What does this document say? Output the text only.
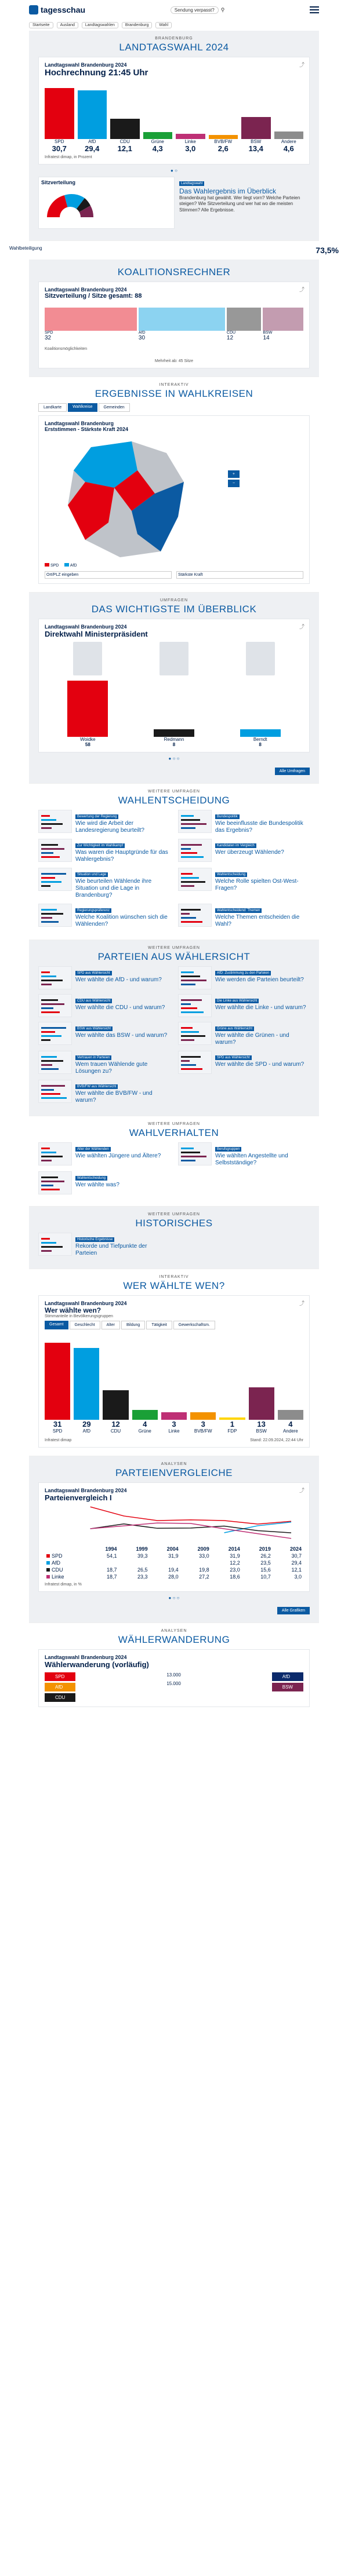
tagesschau	Sendung verpasst?	⚲
Startseite	Ausland	Landtagswahlen	Brandenburg	Wahl
BRANDENBURG
LANDTAGSWAHL 2024
⤴
Landtagswahl Brandenburg 2024
Hochrechnung 21:45 Uhr
SPD	AfD	CDU	Grüne	Linke	BVB/FW	BSW	Andere
30,7	29,4	12,1	4,3	3,0	2,6	13,4	4,6
Infratest dimap, in Prozent
● ○
Sitzverteilung	Landtagswahl
Das Wahlergebnis im Überblick
Brandenburg hat gewählt. Wer liegt vorn? Welche Parteien steigen? Wie Sitzverteilung und wer hat wo die meisten Stimmen? Alle Ergebnisse.
Wahlbeteiligung	73,5%
KOALITIONSRECHNER
⤴
Landtagswahl Brandenburg 2024
Sitzverteilung / Sitze gesamt: 88
SPD
32
AfD
30
CDU
12
BSW
14
Koalitionsmöglichkeiten
Mehrheit ab: 45 Sitze
INTERAKTIV
ERGEBNISSE IN WAHLKREISEN
Landkarte	Wahlkreise	Gemeinden
Landtagswahl Brandenburg
Erststimmen - Stärkste Kraft 2024
+
−
SPD	AfD
Ort/PLZ eingeben	Stärkste Kraft
UMFRAGEN
DAS WICHTIGSTE IM ÜBERBLICK
⤴
Landtagswahl Brandenburg 2024
Direktwahl Ministerpräsident
Woidke
58
Redmann
8
Berndt
8
● ○ ○
Alle Umfragen
WEITERE UMFRAGEN
WAHLENTSCHEIDUNG
Bewertung der Regierung
Wie wird die Arbeit der Landesregierung beurteilt?
Bundespolitik
Wie beeinflusste die Bundespolitik das Ergebnis?
Zur Wichtigkeit im Wahlkampf
Was waren die Hauptgründe für das Wahlergebnis?
Kandidaten im Vergleich
Wer überzeugt Wählende?
Situation und Lage
Wie beurteilen Wählende ihre Situation und die Lage in Brandenburg?
Wahlentscheidung
Welche Rolle spielten Ost-West-Fragen?
Regierungspräferenz
Welche Koalition wünschen sich die Wählenden?
Wahlentscheidend: Themen
Welche Themen entscheiden die Wahl?
WEITERE UMFRAGEN
PARTEIEN AUS WÄHLERSICHT
SPD aus Wählersicht
Wer wählte die AfD - und warum?
AfD: Zustimmung zu den Parteien
Wie werden die Parteien beurteilt?
CDU aus Wählersicht
Wer wählte die CDU - und warum?
Die Linke aus Wählersicht
Wer wählte die Linke - und warum?
BSW aus Wählersicht
Wer wählte das BSW - und warum?
Grüne aus Wählersicht
Wer wählte die Grünen - und warum?
Vertrauen in Parteien
Wem trauen Wählende gute Lösungen zu?
SPD aus Wählersicht
Wer wählte die SPD - und warum?
BVB/FW aus Wählersicht
Wer wählte die BVB/FW - und warum?
WEITERE UMFRAGEN
WAHLVERHALTEN
Alter der Wählenden
Wie wählten Jüngere und Ältere?
Berufsgruppen
Wie wählten Angestellte und Selbstständige?
Wahlentscheidung
Wer wählte was?
WEITERE UMFRAGEN
HISTORISCHES
Historische Ergebnisse
Rekorde und Tiefpunkte der Parteien
INTERAKTIV
WER WÄHLTE WEN?
⤴
Landtagswahl Brandenburg 2024
Wer wählte wen?
Stimmanteile in Bevölkerungsgruppen
Gesamt	Geschlecht	Alter	Bildung	Tätigkeit	Gewerkschaftsm.
31	29	12	4	3	3	1	13	4
SPD	AfD	CDU	Grüne	Linke	BVB/FW	FDP	BSW	Andere
Infratest dimap	Stand: 22.09.2024, 22:44 Uhr
ANALYSEN
PARTEIENVERGLEICHE
⤴
Landtagswahl Brandenburg 2024
Parteienvergleich I
	1994	1999	2004	2009	2014	2019	2024
SPD	54,1	39,3	31,9	33,0	31,9	26,2	30,7
AfD					12,2	23,5	29,4
CDU	18,7	26,5	19,4	19,8	23,0	15,6	12,1
Linke	18,7	23,3	28,0	27,2	18,6	10,7	3,0
Infratest dimap, in %
● ○ ○
Alle Grafiken
ANALYSEN
WÄHLERWANDERUNG
Landtagswahl Brandenburg 2024
Wählerwanderung (vorläufig)
SPD
AfD
CDU
13.000
15.000
AfD
BSW
